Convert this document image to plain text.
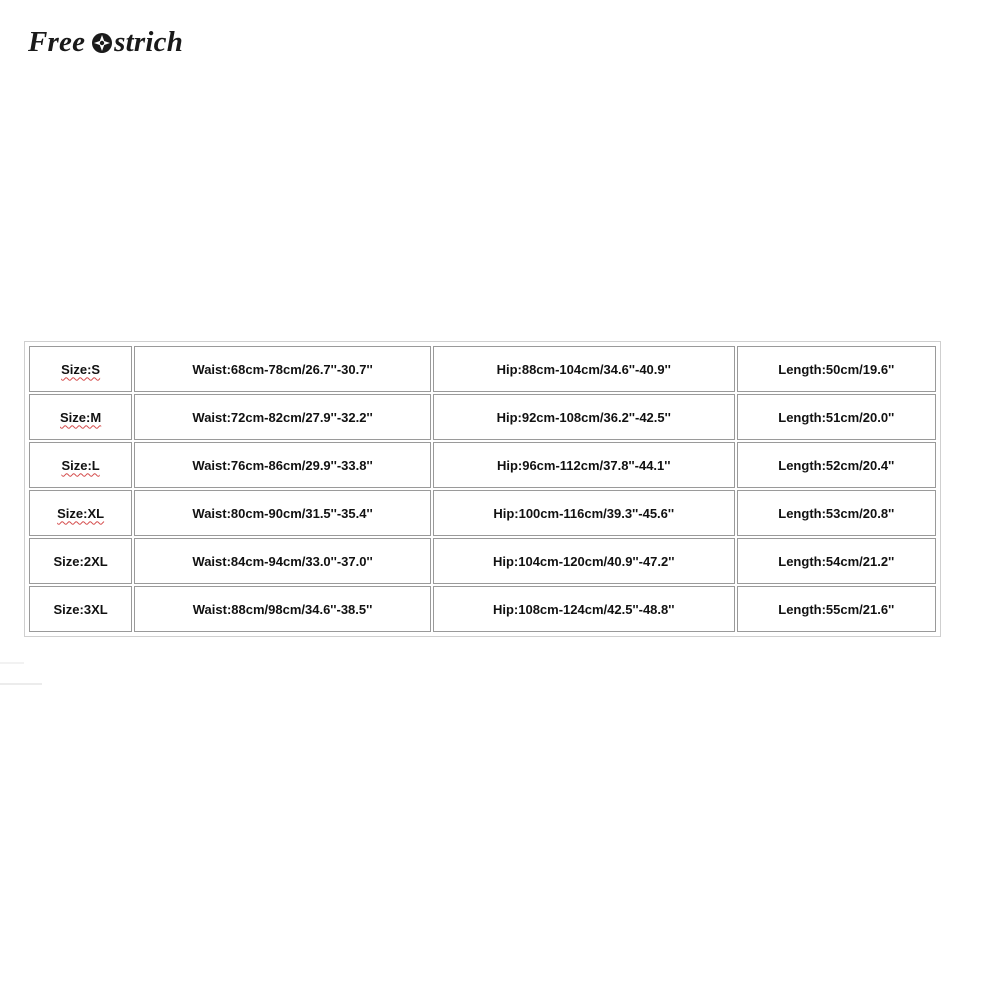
Free strich
Size:S	Waist:68cm-78cm/26.7''-30.7''	Hip:88cm-104cm/34.6''-40.9''	Length:50cm/19.6''
Size:M	Waist:72cm-82cm/27.9''-32.2''	Hip:92cm-108cm/36.2''-42.5''	Length:51cm/20.0''
Size:L	Waist:76cm-86cm/29.9''-33.8''	Hip:96cm-112cm/37.8''-44.1''	Length:52cm/20.4''
Size:XL	Waist:80cm-90cm/31.5''-35.4''	Hip:100cm-116cm/39.3''-45.6''	Length:53cm/20.8''
Size:2XL	Waist:84cm-94cm/33.0''-37.0''	Hip:104cm-120cm/40.9''-47.2''	Length:54cm/21.2''
Size:3XL	Waist:88cm/98cm/34.6''-38.5''	Hip:108cm-124cm/42.5''-48.8''	Length:55cm/21.6''
